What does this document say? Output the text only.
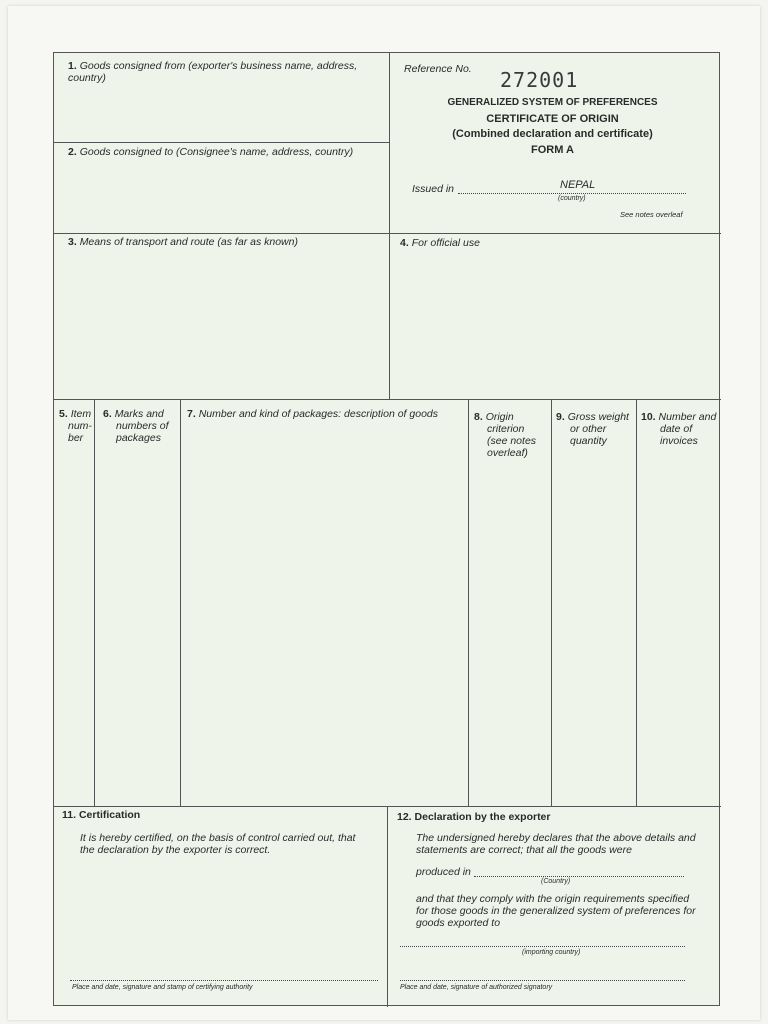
1. Goods consigned from (exporter's business name, address, country)
Reference No. 272001
GENERALIZED SYSTEM OF PREFERENCES
CERTIFICATE OF ORIGIN
(Combined declaration and certificate)
FORM A
Issued in	NEPAL
(country)
See notes overleaf
2. Goods consigned to (Consignee's name, address, country)
3. Means of transport and route (as far as known)	4. For official use
5. Item
num-
ber
6. Marks and
numbers of
packages
7. Number and kind of packages: description of goods	8. Origin
criterion
(see notes
overleaf)
9. Gross weight
or other
quantity
10. Number and
date of
invoices
11. Certification
It is hereby certified, on the basis of control carried out, that
the declaration by the exporter is correct.
Place and date, signature and stamp of certifying authority
12. Declaration by the exporter
The undersigned hereby declares that the above details and
statements are correct; that all the goods were
produced in
(Country)
and that they comply with the origin requirements specified
for those goods in the generalized system of preferences for
goods exported to
(importing country)
Place and date, signature of authorized signatory
